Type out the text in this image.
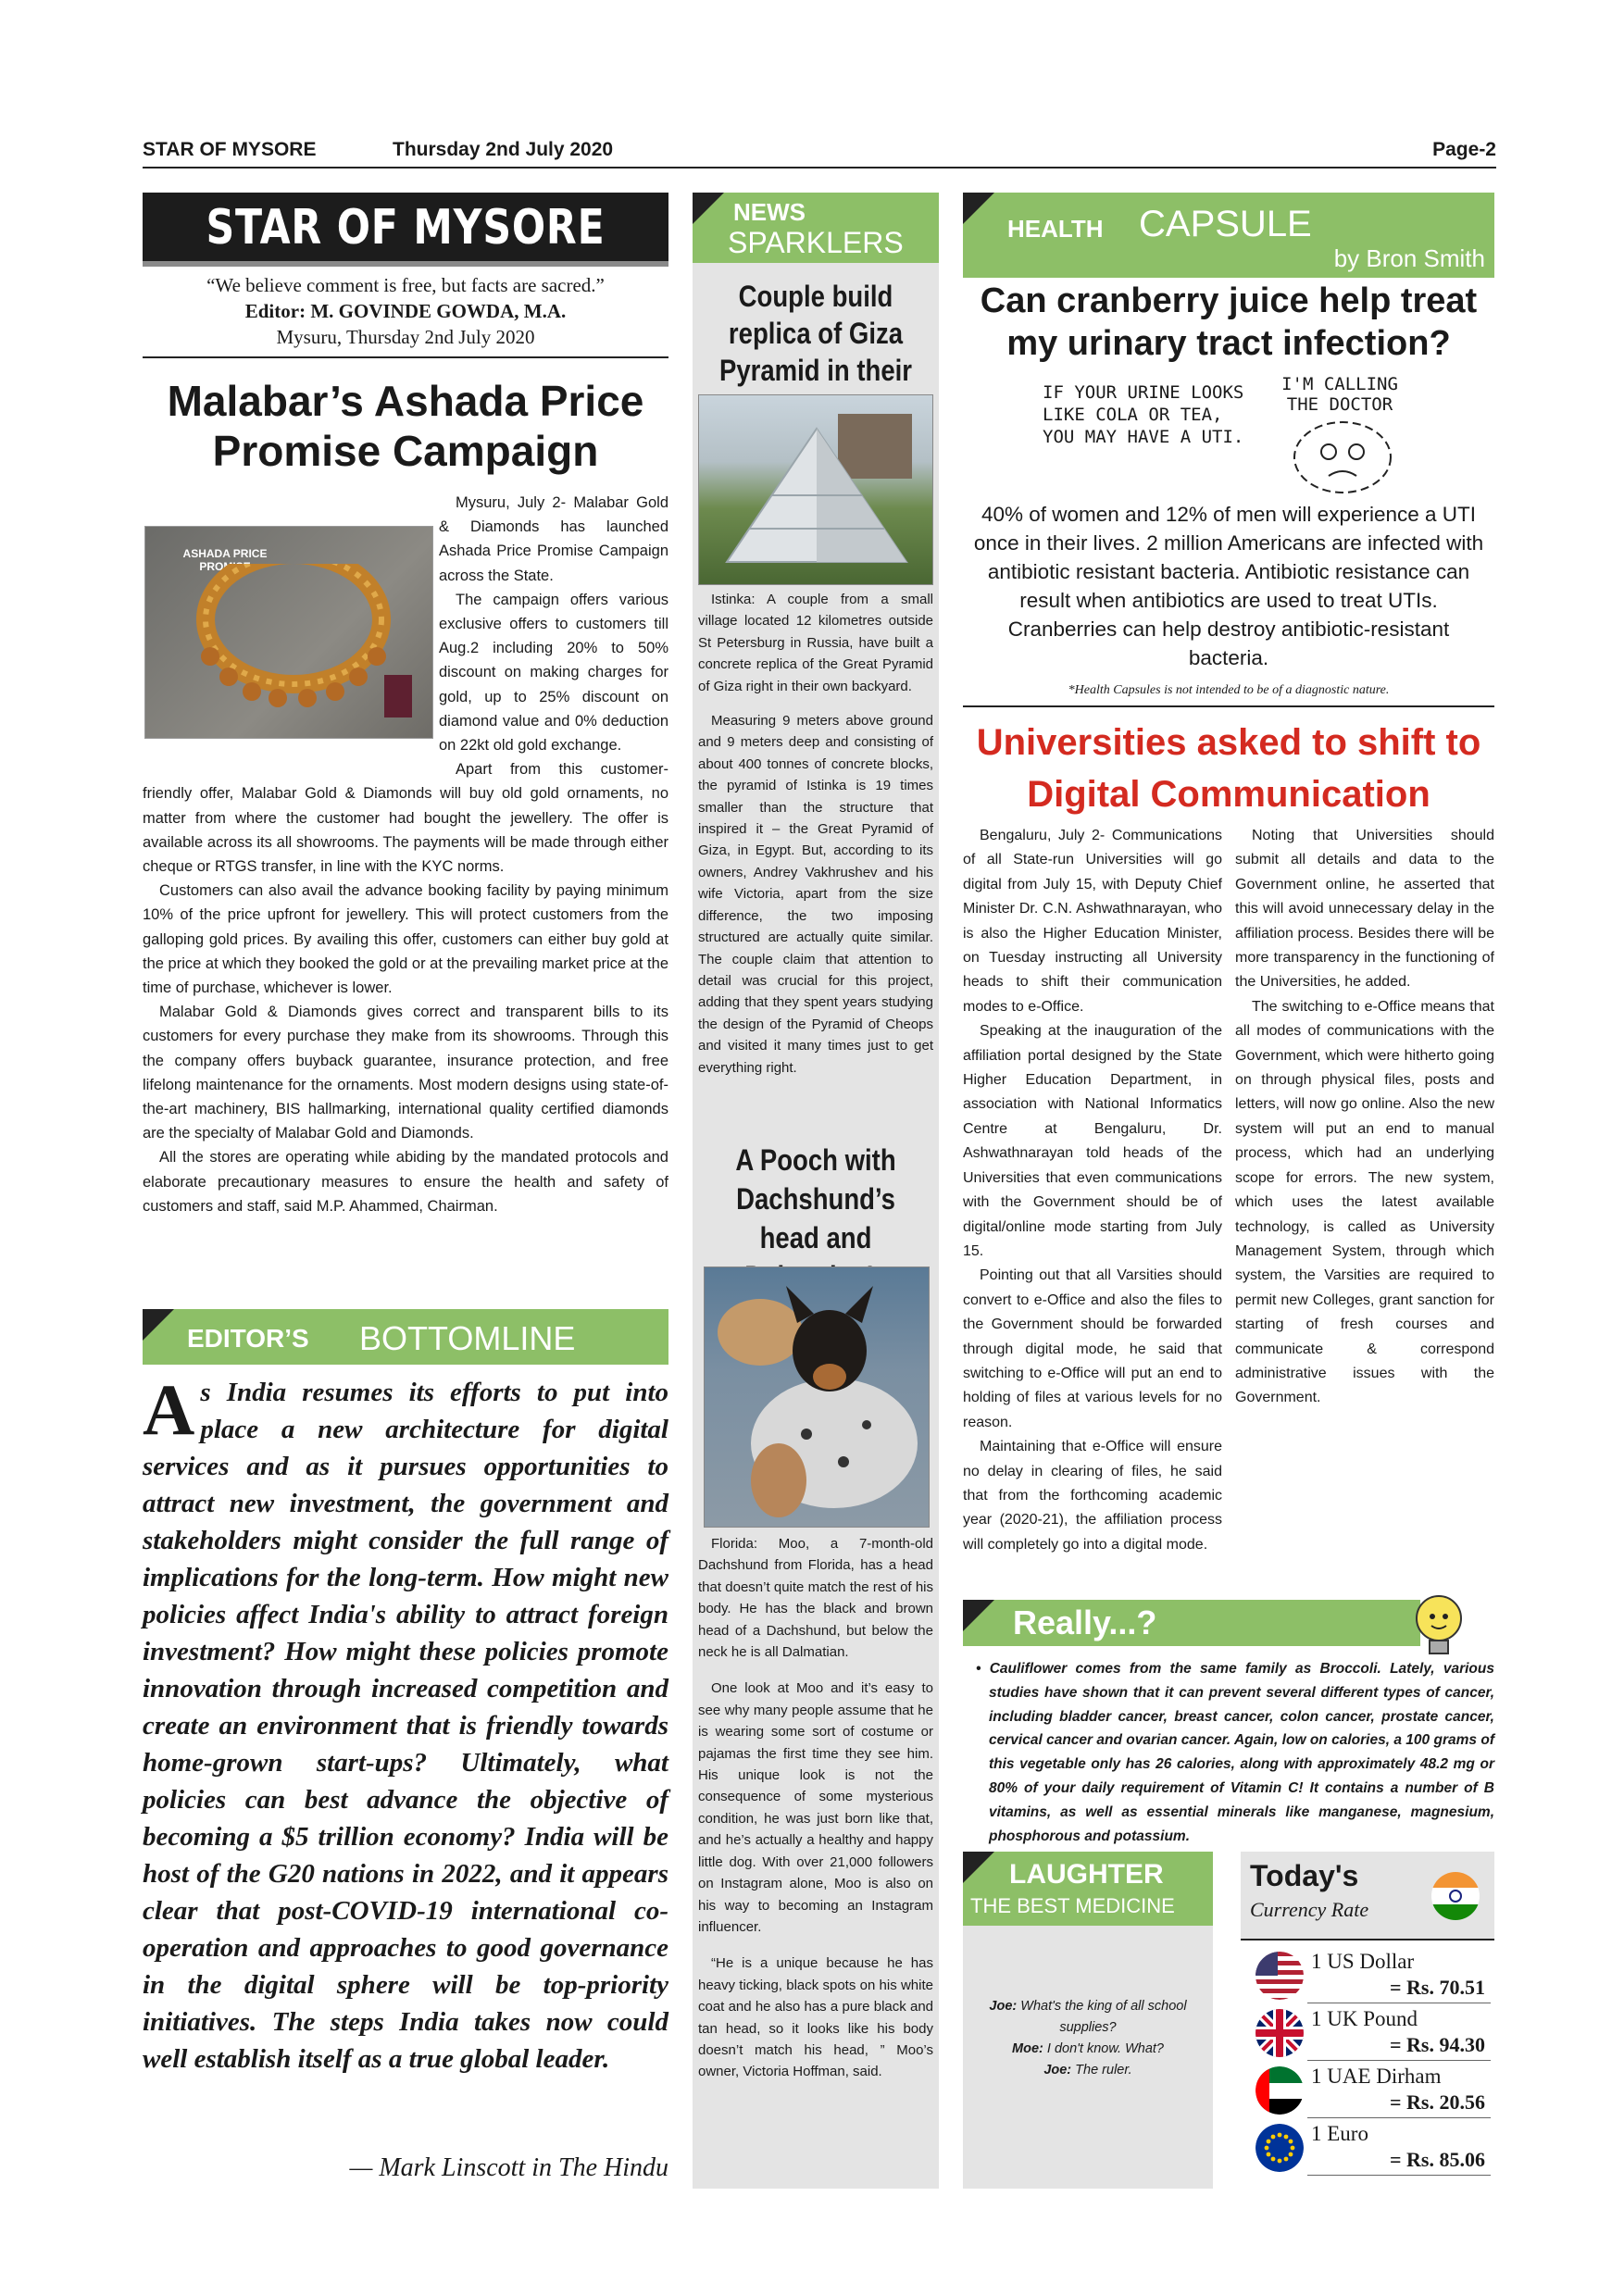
STAR OF MYSORE	Thursday 2nd July 2020	Page-2
STAR OF MYSORE
“We believe comment is free, but facts are sacred.”
Editor: M. GOVINDE GOWDA, M.A.
Mysuru, Thursday 2nd July 2020
Malabar’s Ashada Price Promise Campaign
ASHADA PRICE PROMISE

Mysuru, July 2- Malabar Gold & Diamonds has launched Ashada Price Promise Campaign across the State.

The campaign offers various exclusive offers to customers till Aug.2 including 20% to 50% discount on making charges for gold, up to 25% discount on diamond value and 0% deduction on 22kt old gold exchange.

Apart from this customer-friendly offer, Malabar Gold & Diamonds will buy old gold ornaments, no matter from where the customer had bought the jewellery. The offer is available across its all showrooms. The payments will be made through either cheque or RTGS transfer, in line with the KYC norms.

Customers can also avail the advance booking facility by paying minimum 10% of the price upfront for jewellery. This will protect customers from the galloping gold prices. By availing this offer, customers can either buy gold at the price at which they booked the gold or at the prevailing market price at the time of purchase, whichever is lower.

Malabar Gold & Diamonds gives correct and transparent bills to its customers for every purchase they make from its showrooms. Through this the company offers buyback guarantee, insurance protection, and free lifelong maintenance for the ornaments. Most modern designs using state-of-the-art machinery, BIS hallmarking, international quality certified diamonds are the specialty of Malabar Gold and Diamonds.

All the stores are operating while abiding by the mandated protocols and elaborate precautionary measures to ensure the health and safety of customers and staff, said M.P. Ahammed, Chairman.

EDITOR’S BOTTOMLINE
A s India resumes its efforts to put into place a new architecture for digital services and as it pursues opportunities to attract new investment, the government and stakeholders might consider the full range of implications for the long-term. How might new policies affect India's ability to attract foreign investment? How might these policies promote innovation through increased competition and create an environment that is friendly towards home-grown start-ups? Ultimately, what policies can best advance the objective of becoming a $5 trillion economy? India will be host of the G20 nations in 2022, and it appears clear that post-COVID-19 international co-operation and approaches to good governance in the digital sphere will be top-priority initiatives. The steps India takes now could well establish itself as a true global leader.
— Mark Linscott in The Hindu
NEWS
SPARKLERS
Couple build replica of Giza Pyramid in their

Istinka: A couple from a small village located 12 kilometres outside St Petersburg in Russia, have built a concrete replica of the Great Pyramid of Giza right in their own backyard.

Measuring 9 meters above ground and 9 meters deep and consisting of about 400 tonnes of concrete blocks, the pyramid of Istinka is 19 times smaller than the structure that inspired it – the Great Pyramid of Giza, in Egypt. But, according to its owners, Andrey Vakhrushev and his wife Victoria, apart from the size difference, the two imposing structured are actually quite similar. The couple claim that attention to detail was crucial for this project, adding that they spent years studying the design of the Pyramid of Cheops and visited it many times just to get everything right.

A Pooch with Dachshund’s head and

Florida: Moo, a 7-month-old Dachshund from Florida, has a head that doesn’t quite match the rest of his body. He has the black and brown head of a Dachshund, but below the neck he is all Dalmatian.

One look at Moo and it’s easy to see why many people assume that he is wearing some sort of costume or pajamas the first time they see him. His unique look is not the consequence of some mysterious condition, he was just born like that, and he’s actually a healthy and happy little dog. With over 21,000 followers on Instagram alone, Moo is also on his way to becoming an Instagram influencer.

“He is a unique because he has heavy ticking, black spots on his white coat and he also has a pure black and tan head, so it looks like his body doesn’t match his head, ” Moo’s owner, Victoria Hoffman, said.

HEALTH CAPSULE
by Bron Smith
Can cranberry juice help treat my urinary tract infection?
IF YOUR URINE LOOKS LIKE COLA OR TEA, YOU MAY HAVE A UTI.
I'M CALLING THE DOCTOR
40% of women and 12% of men will experience a UTI once in their lives. 2 million Americans are infected with antibiotic resistant bacteria. Antibiotic resistance can result when antibiotics are used to treat UTIs. Cranberries can help destroy antibiotic-resistant bacteria.
*Health Capsules is not intended to be of a diagnostic nature.
Universities asked to shift to Digital Communication

Bengaluru, July 2- Communications of all State-run Universities will go digital from July 15, with Deputy Chief Minister Dr. C.N. Ashwathnarayan, who is also the Higher Education Minister, on Tuesday instructing all University heads to shift their communication modes to e-Office.

Speaking at the inauguration of the affiliation portal designed by the State Higher Education Department, in association with National Informatics Centre at Bengaluru, Dr. Ashwathnarayan told heads of the Universities that even communications with the Government should be of digital/online mode starting from July 15.

Pointing out that all Varsities should convert to e-Office and also the files to the Government should be forwarded through digital mode, he said that switching to e-Office will put an end to holding of files at various levels for no reason.

Maintaining that e-Office will ensure no delay in clearing of files, he said that from the forthcoming academic year (2020-21), the affiliation process will completely go into a digital mode.

Noting that Universities should submit all details and data to the Government online, he asserted that this will avoid unnecessary delay in the affiliation process. Besides there will be more transparency in the functioning of the Universities, he added.

The switching to e-Office means that all modes of communications with the Government, which were hitherto going on through physical files, posts and letters, will now go online. Also the new system will put an end to manual process, which had an underlying scope for errors. The new system, which uses the latest available technology, is called as University Management System, through which system, the Varsities are required to permit new Colleges, grant sanction for starting of fresh courses and communicate & correspond administrative issues with the Government.

Really...?
• Cauliflower comes from the same family as Broccoli. Lately, various studies have shown that it can prevent several different types of cancer, including bladder cancer, breast cancer, colon cancer, prostate cancer, cervical cancer and ovarian cancer. Again, low on calories, a 100 grams of this vegetable only has 26 calories, along with approximately 48.2 mg or 80% of your daily requirement of Vitamin C! It contains a number of B vitamins, as well as essential minerals like manganese, magnesium, phosphorous and potassium.
LAUGHTER
THE BEST MEDICINE
Joe: What's the king of all school supplies?
Moe: I don't know. What?
Joe: The ruler.
Today's
Currency Rate
1 US Dollar
= Rs. 70.51
1 UK Pound
= Rs. 94.30
1 UAE Dirham
= Rs. 20.56
1 Euro
= Rs. 85.06
